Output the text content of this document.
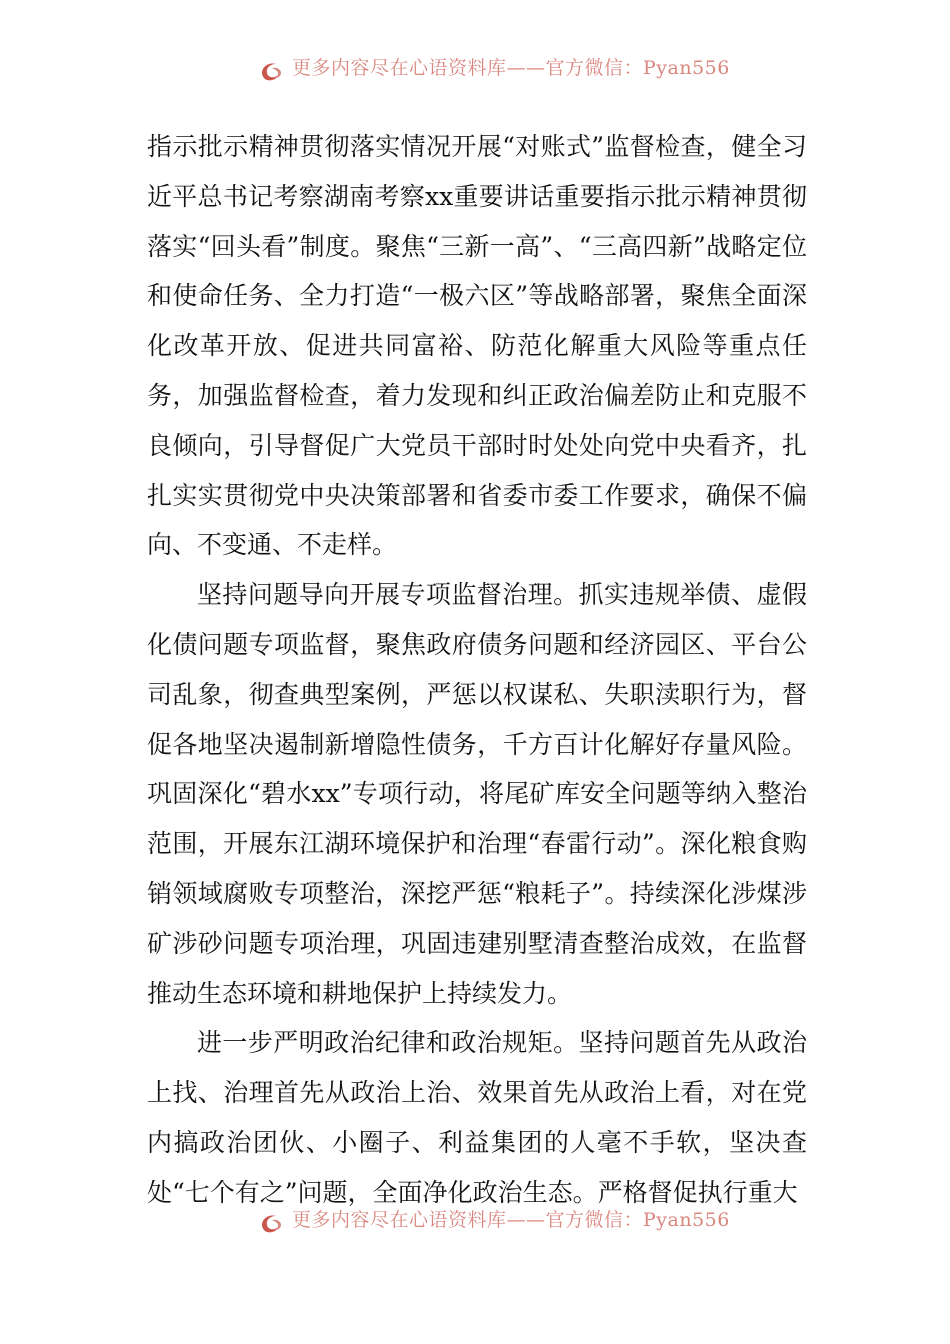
更多内容尽在心语资料库——官方微信：Pyan556

指示批示精神贯彻落实情况开展“对账式”监督检查，健全习近平总书记考察湖南考察xx重要讲话重要指示批示精神贯彻落实“回头看”制度。聚焦“三新一高”、“三高四新”战略定位和使命任务、全力打造“一极六区”等战略部署，聚焦全面深化改革开放、促进共同富裕、防范化解重大风险等重点任务，加强监督检查，着力发现和纠正政治偏差防止和克服不良倾向，引导督促广大党员干部时时处处向党中央看齐，扎扎实实贯彻党中央决策部署和省委市委工作要求，确保不偏向、不变通、不走样。

坚持问题导向开展专项监督治理。抓实违规举债、虚假化债问题专项监督，聚焦政府债务问题和经济园区、平台公司乱象，彻查典型案例，严惩以权谋私、失职渎职行为，督促各地坚决遏制新增隐性债务，千方百计化解好存量风险。巩固深化“碧水xx”专项行动，将尾矿库安全问题等纳入整治范围，开展东江湖环境保护和治理“春雷行动”。深化粮食购销领域腐败专项整治，深挖严惩“粮耗子”。持续深化涉煤涉矿涉砂问题专项治理，巩固违建别墅清查整治成效，在监督推动生态环境和耕地保护上持续发力。

进一步严明政治纪律和政治规矩。坚持问题首先从政治上找、治理首先从政治上治、效果首先从政治上看，对在党内搞政治团伙、小圈子、利益集团的人毫不手软，坚决查处“七个有之”问题，全面净化政治生态。严格督促执行重大

更多内容尽在心语资料库——官方微信：Pyan556
